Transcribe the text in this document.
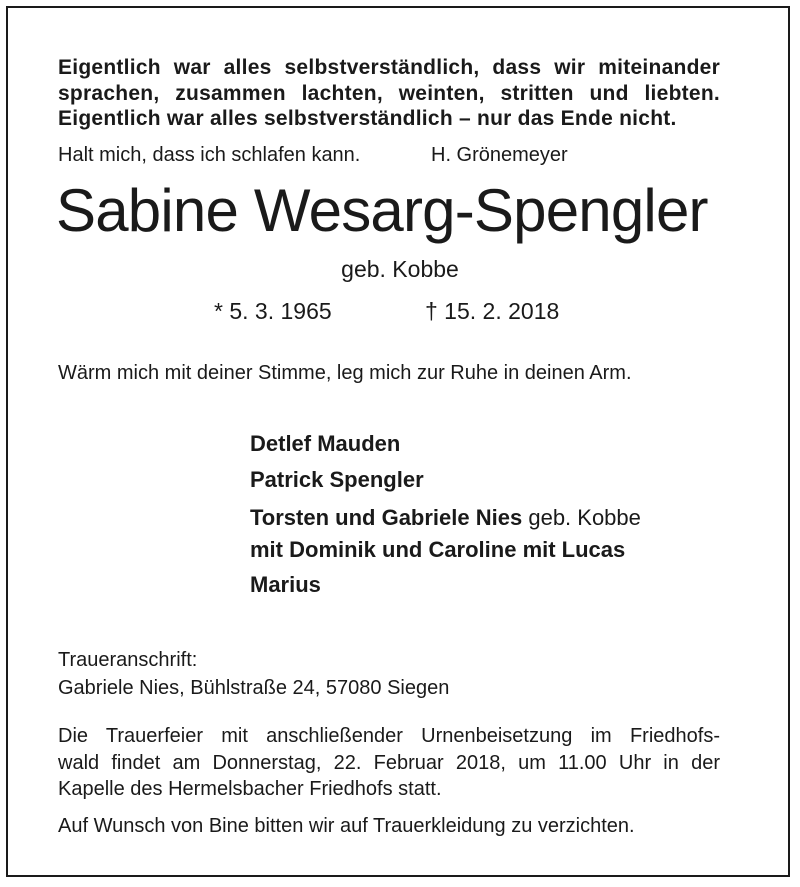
Eigentlich war alles selbstverständlich, dass wir miteinander
sprachen, zusammen lachten, weinten, stritten und liebten.
Eigentlich war alles selbstverständlich – nur das Ende nicht.
Halt mich, dass ich schlafen kann.	H. Grönemeyer
Sabine Wesarg-Spengler
geb. Kobbe
* 5. 3. 1965	† 15. 2. 2018
Wärm mich mit deiner Stimme, leg mich zur Ruhe in deinen Arm.
Detlef Mauden
Patrick Spengler
Torsten und Gabriele Nies geb. Kobbe
mit Dominik und Caroline mit Lucas
Marius
Traueranschrift:
Gabriele Nies, Bühlstraße 24, 57080 Siegen
Die Trauerfeier mit anschließender Urnenbeisetzung im Friedhofs-
wald findet am Donnerstag, 22. Februar 2018, um 11.00 Uhr in der
Kapelle des Hermelsbacher Friedhofs statt.
Auf Wunsch von Bine bitten wir auf Trauerkleidung zu verzichten.
